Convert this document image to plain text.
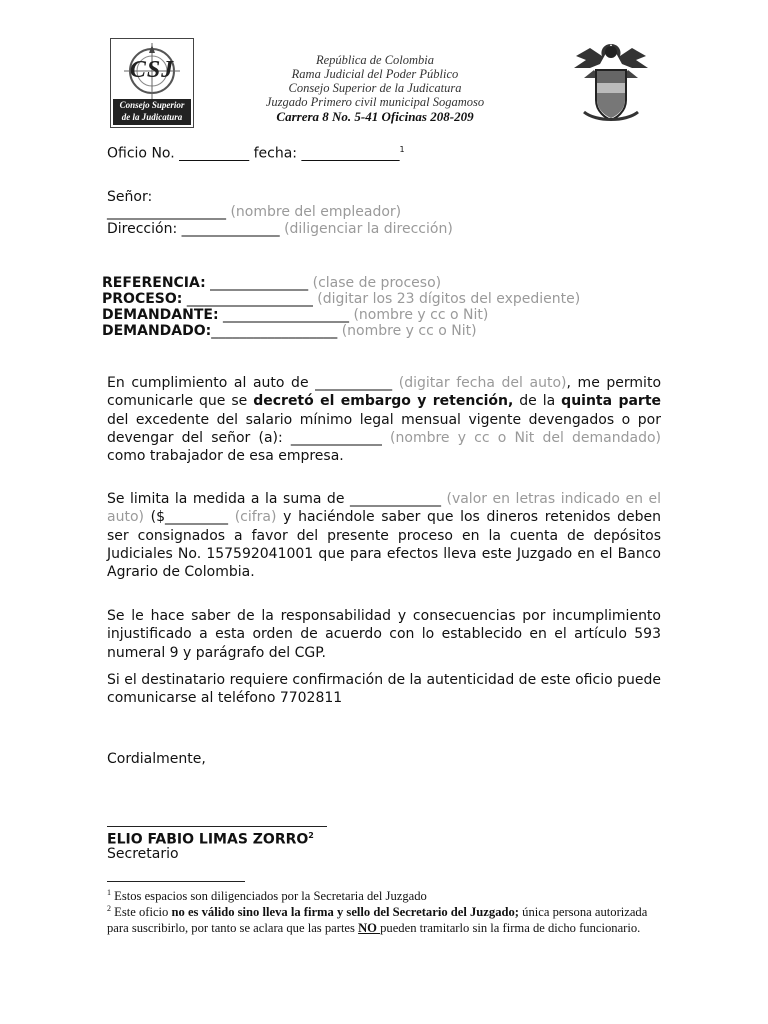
CSJ
Consejo Superior
de la Judicatura
República de Colombia
Rama Judicial del Poder Público
Consejo Superior de la Judicatura
Juzgado Primero civil municipal Sogamoso
Carrera 8 No. 5-41 Oficinas 208-209
Oficio No. __________ fecha: ______________$^1$
Señor:
_________________ (nombre del empleador)
Dirección: ______________ (diligenciar la dirección)
REFERENCIA: ______________ (clase de proceso)
PROCESO: __________________ (digitar los 23 dígitos del expediente)
DEMANDANTE: __________________ (nombre y cc o Nit)
DEMANDADO:__________________ (nombre y cc o Nit)
En cumplimiento al auto de ___________ (digitar fecha del auto), me permito comunicarle que se decretó el embargo y retención, de la quinta parte del excedente del salario mínimo legal mensual vigente devengados o por devengar del señor (a): _____________ (nombre y cc o Nit del demandado) como trabajador de esa empresa.
Se limita la medida a la suma de _____________ (valor en letras indicado en el auto) ($_________ (cifra) y haciéndole saber que los dineros retenidos deben ser consignados a favor del presente proceso en la cuenta de depósitos Judiciales No. 157592041001 que para efectos lleva este Juzgado en el Banco Agrario de Colombia.
Se le hace saber de la responsabilidad y consecuencias por incumplimiento injustificado a esta orden de acuerdo con lo establecido en el artículo 593 numeral 9 y parágrafo del CGP.
Si el destinatario requiere confirmación de la autenticidad de este oficio puede comunicarse al teléfono 7702811
Cordialmente,
ELIO FABIO LIMAS ZORRO$^2$
Secretario
$^1$ Estos espacios son diligenciados por la Secretaria del Juzgado
$^2$ Este oficio no es válido sino lleva la firma y sello del Secretario del Juzgado; única persona autorizada para suscribirlo, por tanto se aclara que las partes NO pueden tramitarlo sin la firma de dicho funcionario.
